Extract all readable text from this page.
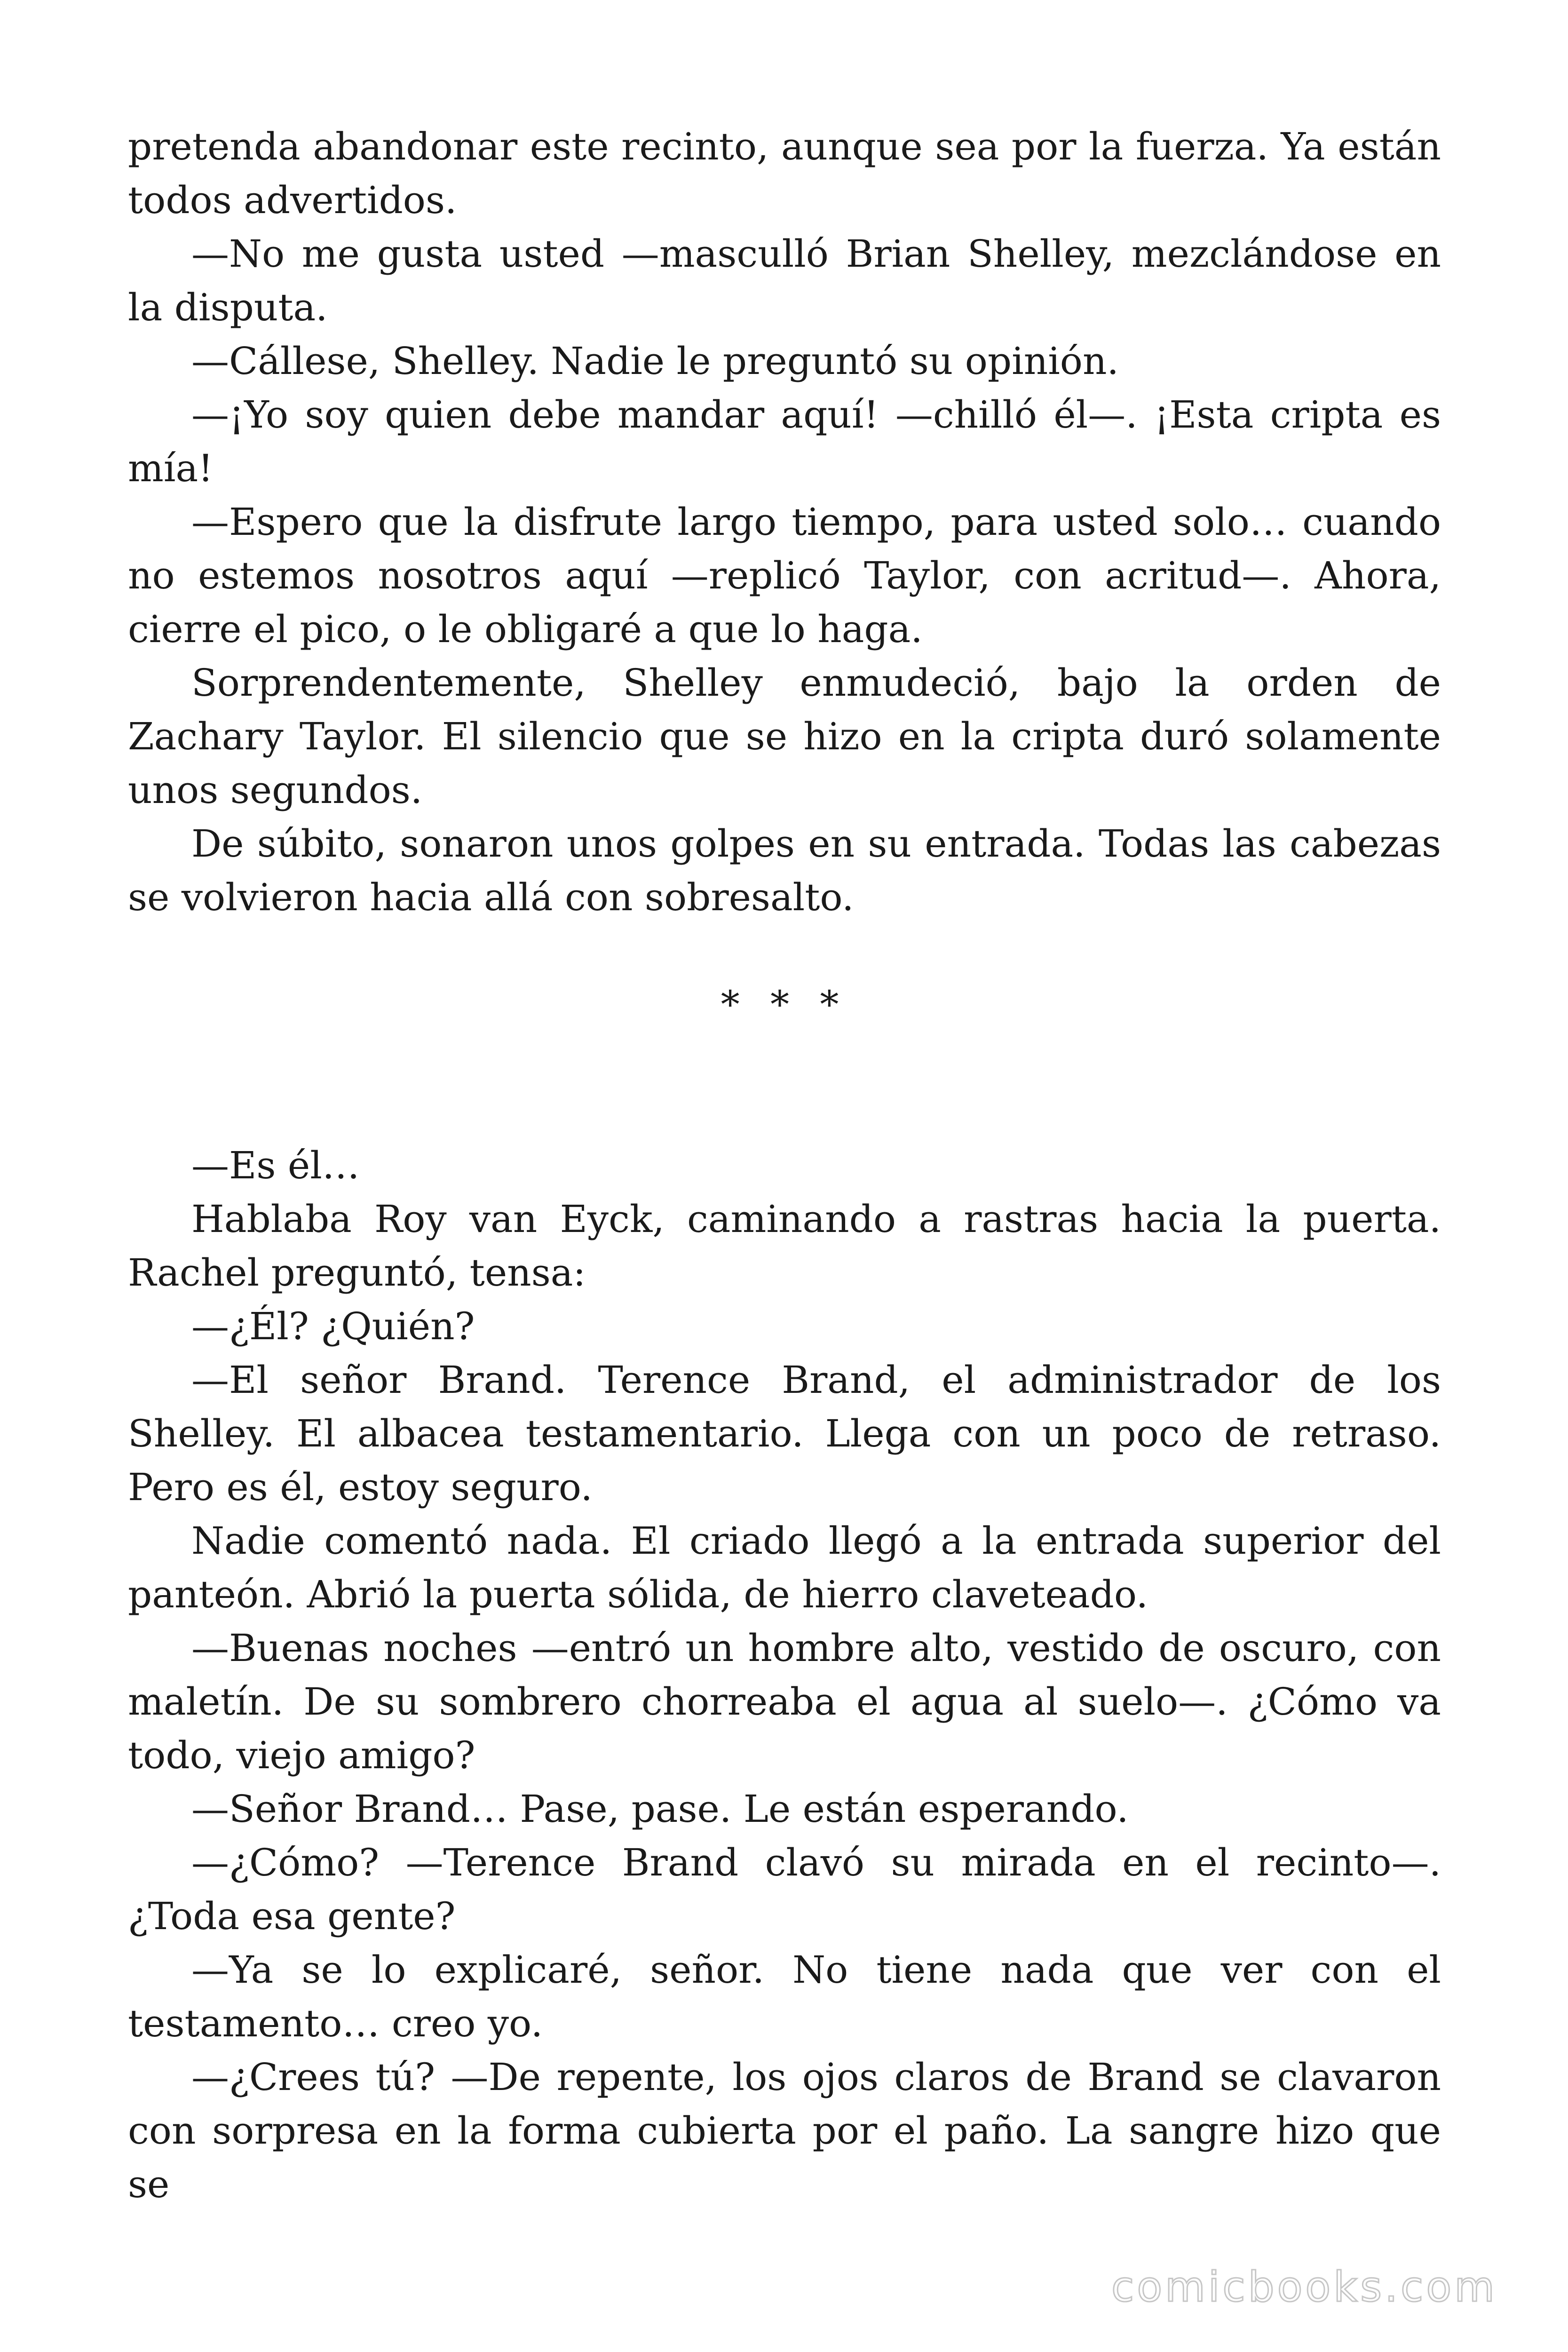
pretenda abandonar este recinto, aunque sea por la fuerza. Ya están todos advertidos.

—No me gusta usted —mascullό Brian Shelley, mezclándose en la disputa.

—Cállese, Shelley. Nadie le preguntó su opinión.

—¡Yo soy quien debe mandar aquí! —chilló él—. ¡Esta cripta es mía!

—Espero que la disfrute largo tiempo, para usted solo… cuando no estemos nosotros aquí —replicó Taylor, con acritud—. Ahora, cierre el pico, o le obligaré a que lo haga.

Sorprendentemente, Shelley enmudeció, bajo la orden de Zachary Taylor. El silencio que se hizo en la cripta duró solamente unos segundos.

De súbito, sonaron unos golpes en su entrada. Todas las cabezas se volvieron hacia allá con sobresalto.

* * *

—Es él…

Hablaba Roy van Eyck, caminando a rastras hacia la puerta. Rachel preguntó, tensa:

—¿Él? ¿Quién?

—El señor Brand. Terence Brand, el administrador de los Shelley. El albacea testamentario. Llega con un poco de retraso. Pero es él, estoy seguro.

Nadie comentó nada. El criado llegó a la entrada superior del panteón. Abrió la puerta sólida, de hierro claveteado.

—Buenas noches —entró un hombre alto, vestido de oscuro, con maletín. De su sombrero chorreaba el agua al suelo—. ¿Cómo va todo, viejo amigo?

—Señor Brand… Pase, pase. Le están esperando.

—¿Cómo? —Terence Brand clavó su mirada en el recinto—. ¿Toda esa gente?

—Ya se lo explicaré, señor. No tiene nada que ver con el testamento… creo yo.

—¿Crees tú? —De repente, los ojos claros de Brand se clavaron con sorpresa en la forma cubierta por el paño. La sangre hizo que se

comicbooks.com
